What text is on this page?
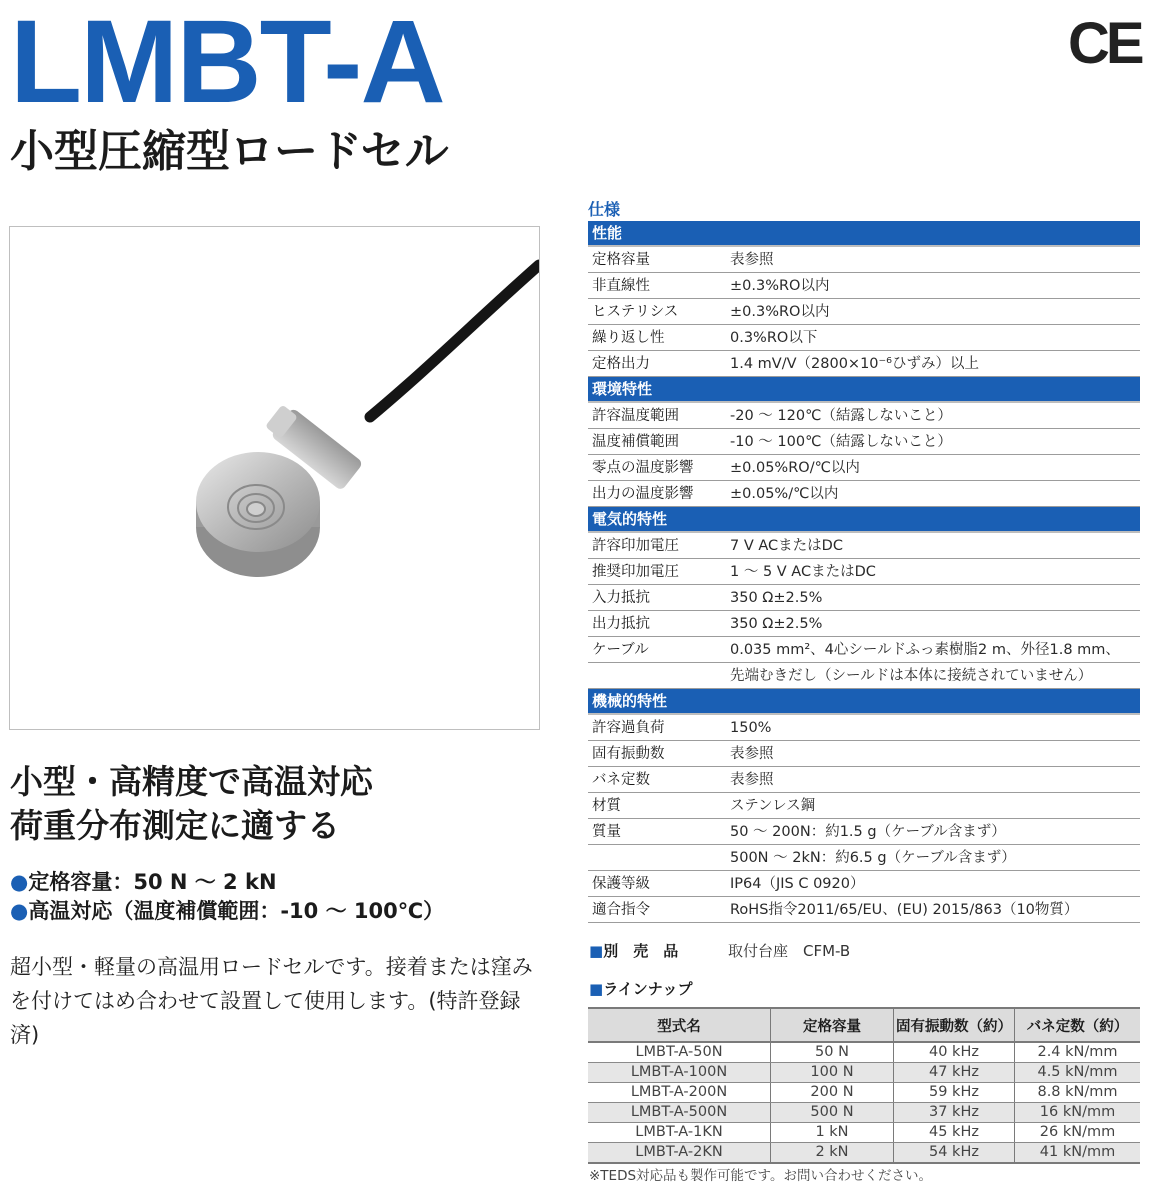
LMBT-A
小型圧縮型ロードセル
CE
小型・高精度で高温対応
荷重分布測定に適する
●定格容量：50 N ～ 2 kN
●高温対応（温度補償範囲：-10 ～ 100℃）

超小型・軽量の高温用ロードセルです。接着または窪みを付けてはめ合わせて設置して使用します。(特許登録済)

仕様
性能
定格容量	表参照
非直線性	±0.3%RO以内
ヒステリシス	±0.3%RO以内
繰り返し性	0.3%RO以下
定格出力	1.4 mV/V（2800×10⁻⁶ひずみ）以上
環境特性
許容温度範囲	-20 ～ 120℃（結露しないこと）
温度補償範囲	-10 ～ 100℃（結露しないこと）
零点の温度影響	±0.05%RO/℃以内
出力の温度影響	±0.05%/℃以内
電気的特性
許容印加電圧	7 V ACまたはDC
推奨印加電圧	1 ～ 5 V ACまたはDC
入力抵抗	350 Ω±2.5%
出力抵抗	350 Ω±2.5%
ケーブル	0.035 mm²、4心シールドふっ素樹脂2 m、外径1.8 mm、
先端むきだし（シールドは本体に接続されていません）
機械的特性
許容過負荷	150%
固有振動数	表参照
バネ定数	表参照
材質	ステンレス鋼
質量	50 ～ 200N：約1.5 g（ケーブル含まず）
500N ～ 2kN：約6.5 g（ケーブル含まず）
保護等級	IP64（JIS C 0920）
適合指令	RoHS指令2011/65/EU、(EU) 2015/863（10物質）
■別　売　品	取付台座　CFM-B
■ラインナップ
型式名	定格容量	固有振動数（約）	バネ定数（約）
LMBT-A-50N	50 N	40 kHz	2.4 kN/mm
LMBT-A-100N	100 N	47 kHz	4.5 kN/mm
LMBT-A-200N	200 N	59 kHz	8.8 kN/mm
LMBT-A-500N	500 N	37 kHz	16 kN/mm
LMBT-A-1KN	1 kN	45 kHz	26 kN/mm
LMBT-A-2KN	2 kN	54 kHz	41 kN/mm
※TEDS対応品も製作可能です。お問い合わせください。
